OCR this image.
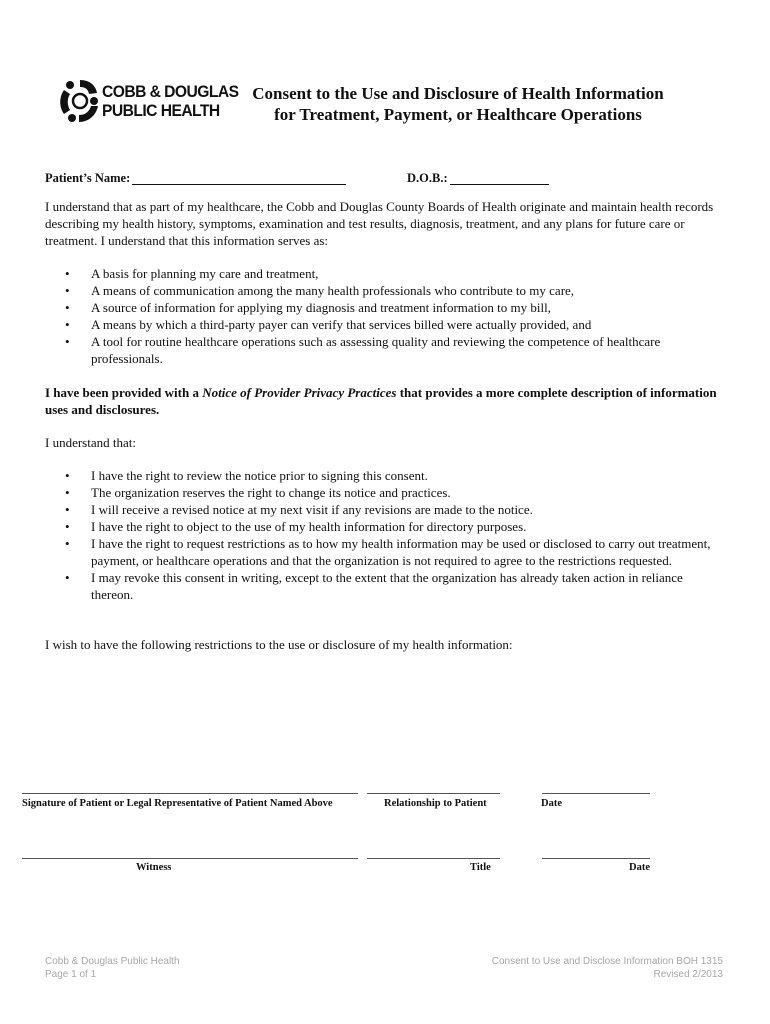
COBB & DOUGLAS
PUBLIC HEALTH
Consent to the Use and Disclosure of Health Information
for Treatment, Payment, or Healthcare Operations
Patient’s Name:	D.O.B.:

I understand that as part of my healthcare, the Cobb and Douglas County Boards of Health originate and maintain health records describing my health history, symptoms, examination and test results, diagnosis, treatment, and any plans for future care or treatment. I understand that this information serves as:

• A basis for planning my care and treatment,
• A means of communication among the many health professionals who contribute to my care,
• A source of information for applying my diagnosis and treatment information to my bill,
• A means by which a third-party payer can verify that services billed were actually provided, and
• A tool for routine healthcare operations such as assessing quality and reviewing the competence of healthcare professionals.

I have been provided with a Notice of Provider Privacy Practices that provides a more complete description of information uses and disclosures.

I understand that:

• I have the right to review the notice prior to signing this consent.
• The organization reserves the right to change its notice and practices.
• I will receive a revised notice at my next visit if any revisions are made to the notice.
• I have the right to object to the use of my health information for directory purposes.
• I have the right to request restrictions as to how my health information may be used or disclosed to carry out treatment, payment, or healthcare operations and that the organization is not required to agree to the restrictions requested.
• I may revoke this consent in writing, except to the extent that the organization has already taken action in reliance thereon.

I wish to have the following restrictions to the use or disclosure of my health information:

Signature of Patient or Legal Representative of Patient Named Above	Relationship to Patient	Date
Witness	Title	Date
Cobb & Douglas Public Health
Page 1 of 1
Consent to Use and Disclose Information BOH 1315
Revised 2/2013
